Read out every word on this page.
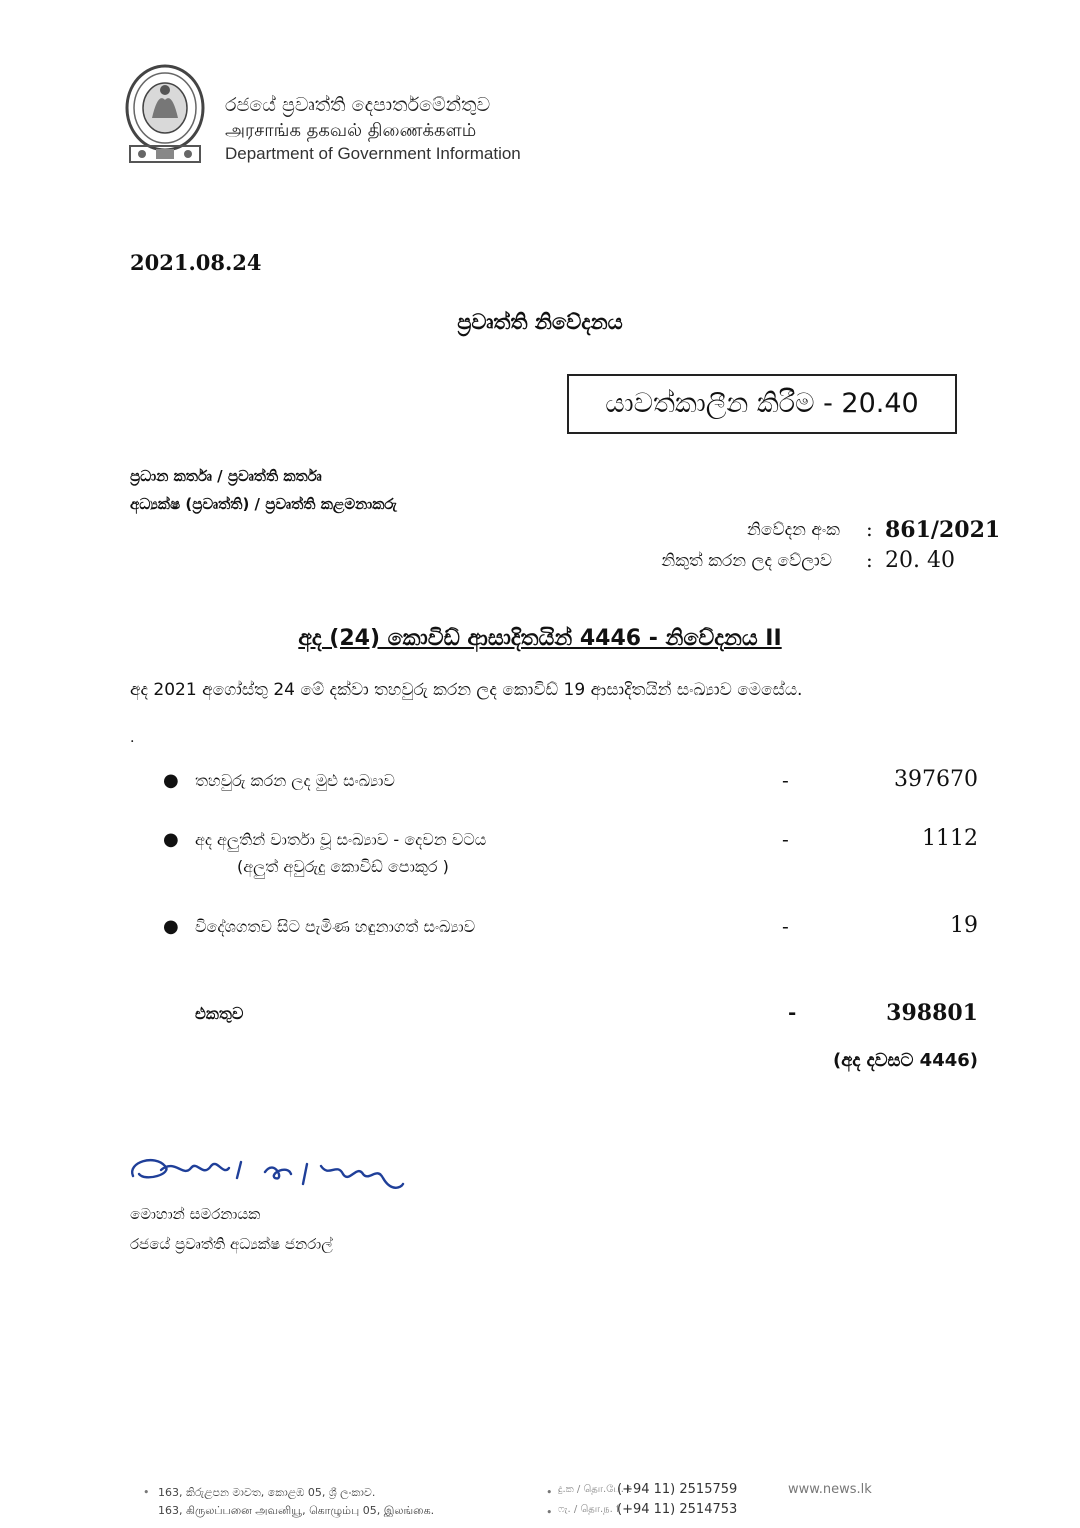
රජයේ ප්‍රවෘත්ති දෙපාර්තමේන්තුව
அரசாங்க தகவல் திணைக்களம்
Department of Government Information
2021.08.24
ප්‍රවෘත්ති නිවේදනය
යාවත්කාලීන කිරීම - 20.40
ප්‍රධාන කර්තෘ / ප්‍රවෘත්ති කර්තෘ
අධ්‍යක්ෂ (ප්‍රවෘත්ති) / ප්‍රවෘත්ති කළමනාකරු
නිවේදන අංක : 861/2021
නිකුත් කරන ලද වේලාව : 20. 40
අද (24) කොවිඩ් ආසාදිතයින් 4446 - නිවේදනය II
අද 2021 අගෝස්තු 24 මේ දක්වා තහවුරු කරන ලද කොවිඩ් 19 ආසාදිතයින් සංඛ්‍යාව මෙසේය.
.
● තහවුරු කරන ලද මුළු සංඛ්‍යාව	-	397670
● අද අලුතින් වාර්තා වූ සංඛ්‍යාව - දෙවන වටය
(අලුත් අවුරුදු කොවිඩ් පොකුර )
-	1112
● විදේශගතව සිට පැමිණ හඳුනාගත් සංඛ්‍යාව	-	19
එකතුව	-	398801
(අද දවසට 4446)
මොහාන් සමරනායක
රජයේ ප්‍රවෘත්ති අධ්‍යක්ෂ ජනරාල්
• 163, කිරුළපන මාවත, කොළඹ 05, ශ්‍රී ලංකාව.
163, கிருலப்பனை அவனியூ, கொழும்பு 05, இலங்கை.
• දු.ක / தொ.பே. t
(+94 11) 2515759
• ෆැ. / தொ.ந. f
(+94 11) 2514753
www.news.lk
